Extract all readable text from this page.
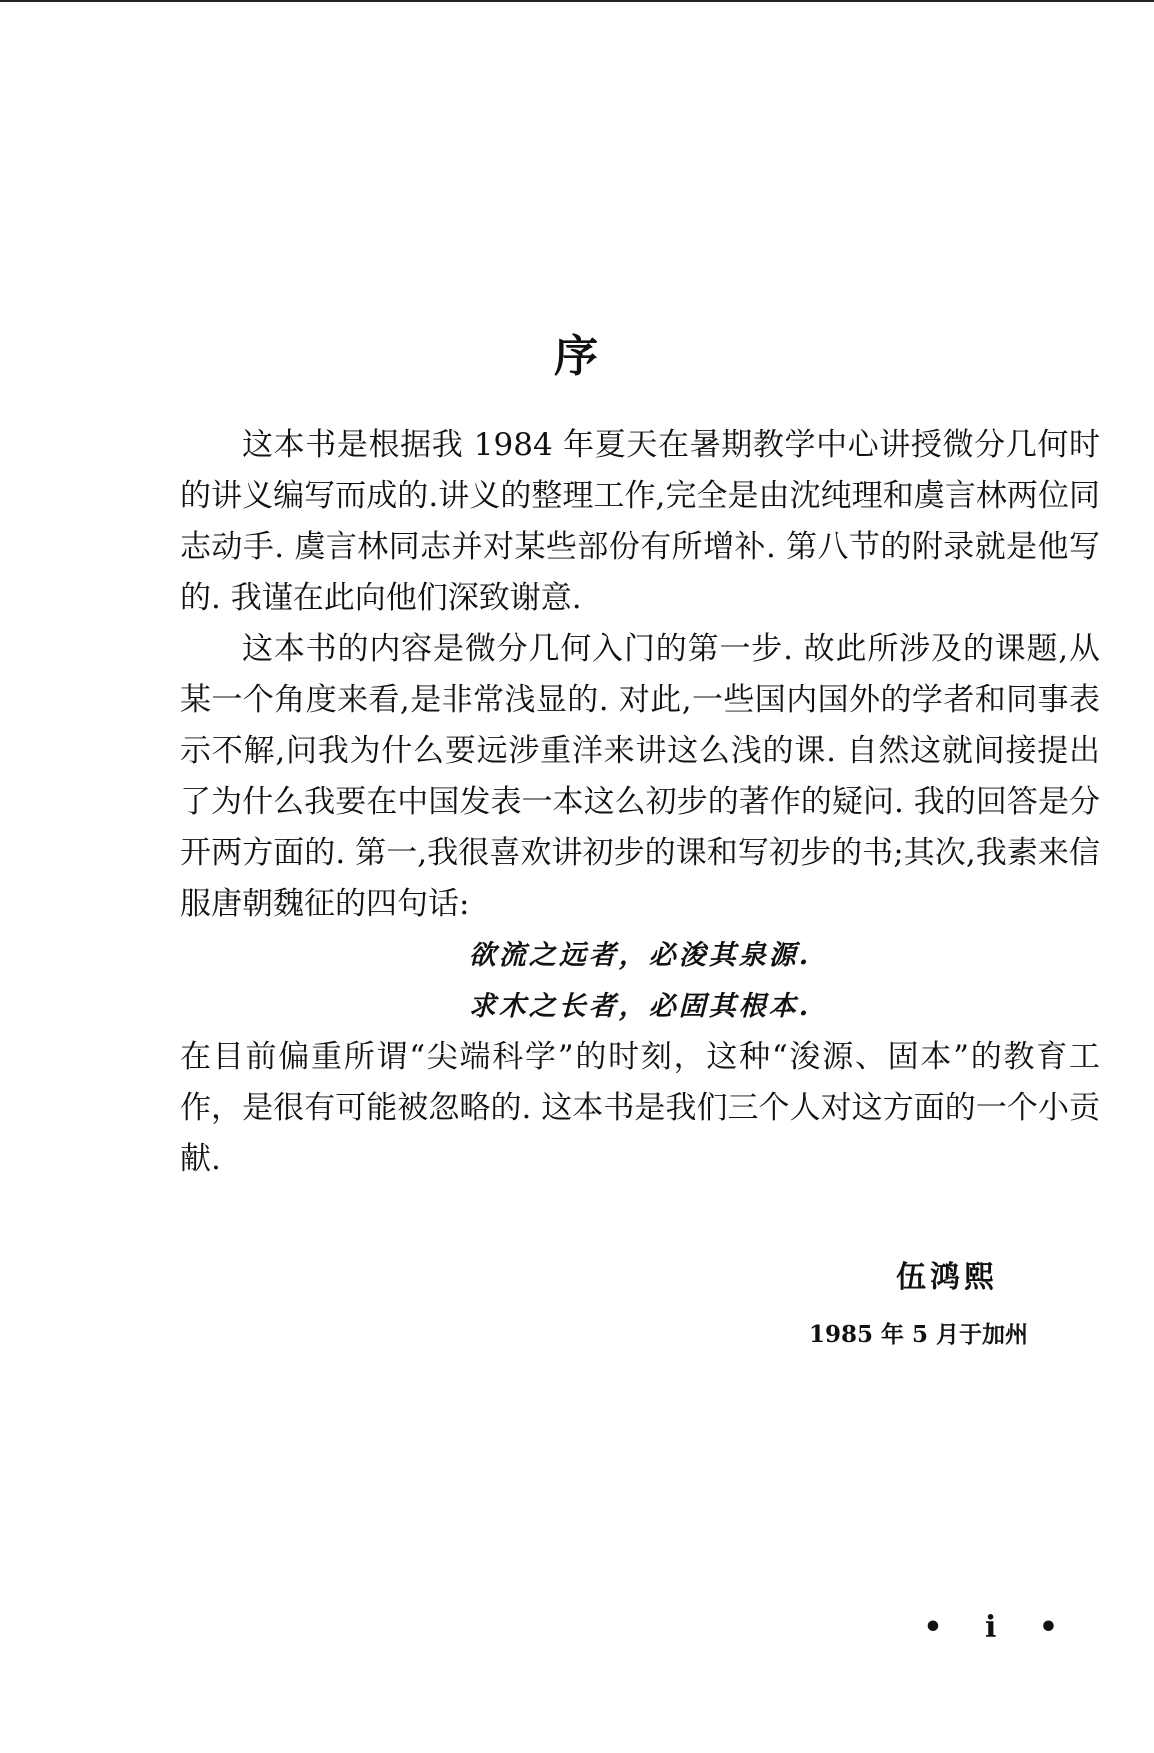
序

这本书是根据我 1984 年夏天在暑期教学中心讲授微分几何时的讲义编写而成的.讲义的整理工作,完全是由沈纯理和虞言林两位同志动手. 虞言林同志并对某些部份有所增补. 第八节的附录就是他写的. 我谨在此向他们深致谢意.

这本书的内容是微分几何入门的第一步. 故此所涉及的课题,从某一个角度来看,是非常浅显的. 对此,一些国内国外的学者和同事表示不解,问我为什么要远涉重洋来讲这么浅的课. 自然这就间接提出了为什么我要在中国发表一本这么初步的著作的疑问. 我的回答是分开两方面的. 第一,我很喜欢讲初步的课和写初步的书;其次,我素来信服唐朝魏征的四句话:

欲流之远者，必浚其泉源.

求木之长者，必固其根本.

在目前偏重所谓“尖端科学”的时刻，这种“浚源、固本”的教育工作，是很有可能被忽略的. 这本书是我们三个人对这方面的一个小贡献.

伍鸿熙
1985 年 5 月于加州
• i •
